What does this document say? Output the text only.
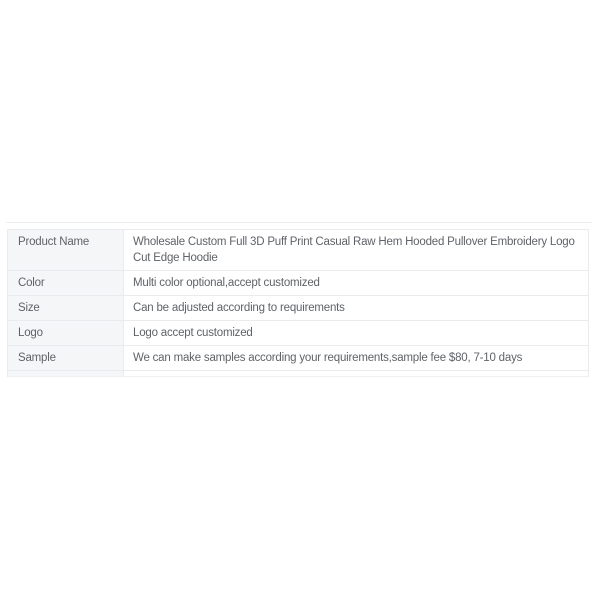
Product Name	Wholesale Custom Full 3D Puff Print Casual Raw Hem Hooded Pullover Embroidery Logo Cut Edge Hoodie
Color	Multi color optional,accept customized
Size	Can be adjusted according to requirements
Logo	Logo accept customized
Sample	We can make samples according your requirements,sample fee $80, 7-10 days
